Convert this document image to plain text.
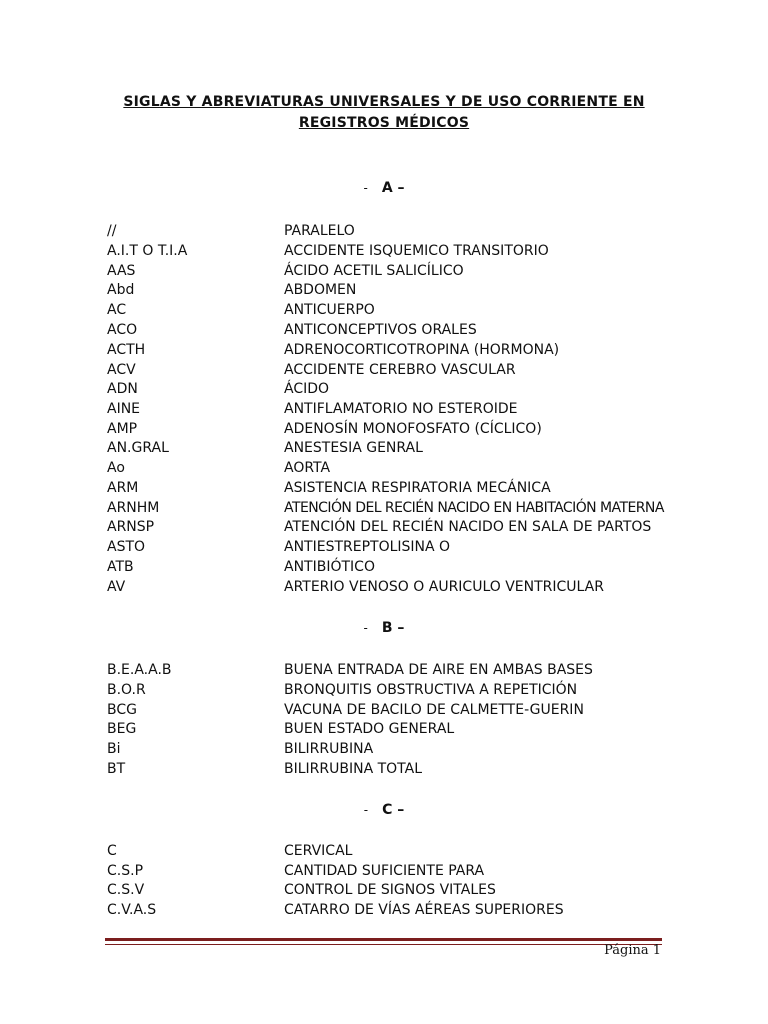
SIGLAS Y ABREVIATURAS UNIVERSALES Y DE USO CORRIENTE EN
REGISTROS MÉDICOS
- A –
//	PARALELO
A.I.T O T.I.A	ACCIDENTE ISQUEMICO TRANSITORIO
AAS	ÁCIDO ACETIL SALICÍLICO
Abd	ABDOMEN
AC	ANTICUERPO
ACO	ANTICONCEPTIVOS ORALES
ACTH	ADRENOCORTICOTROPINA (HORMONA)
ACV	ACCIDENTE CEREBRO VASCULAR
ADN	ÁCIDO
AINE	ANTIFLAMATORIO NO ESTEROIDE
AMP	ADENOSÍN MONOFOSFATO (CÍCLICO)
AN.GRAL	ANESTESIA GENRAL
Ao	AORTA
ARM	ASISTENCIA RESPIRATORIA MECÁNICA
ARNHM	ATENCIÓN DEL RECIÉN NACIDO EN HABITACIÓN MATERNA
ARNSP	ATENCIÓN DEL RECIÉN NACIDO EN SALA DE PARTOS
ASTO	ANTIESTREPTOLISINA O
ATB	ANTIBIÓTICO
AV	ARTERIO VENOSO O AURICULO VENTRICULAR
- B –
B.E.A.A.B	BUENA ENTRADA DE AIRE EN AMBAS BASES
B.O.R	BRONQUITIS OBSTRUCTIVA A REPETICIÓN
BCG	VACUNA DE BACILO DE CALMETTE-GUERIN
BEG	BUEN ESTADO GENERAL
Bi	BILIRRUBINA
BT	BILIRRUBINA TOTAL
- C –
C	CERVICAL
C.S.P	CANTIDAD SUFICIENTE PARA
C.S.V	CONTROL DE SIGNOS VITALES
C.V.A.S	CATARRO DE VÍAS AÉREAS SUPERIORES
Página 1
